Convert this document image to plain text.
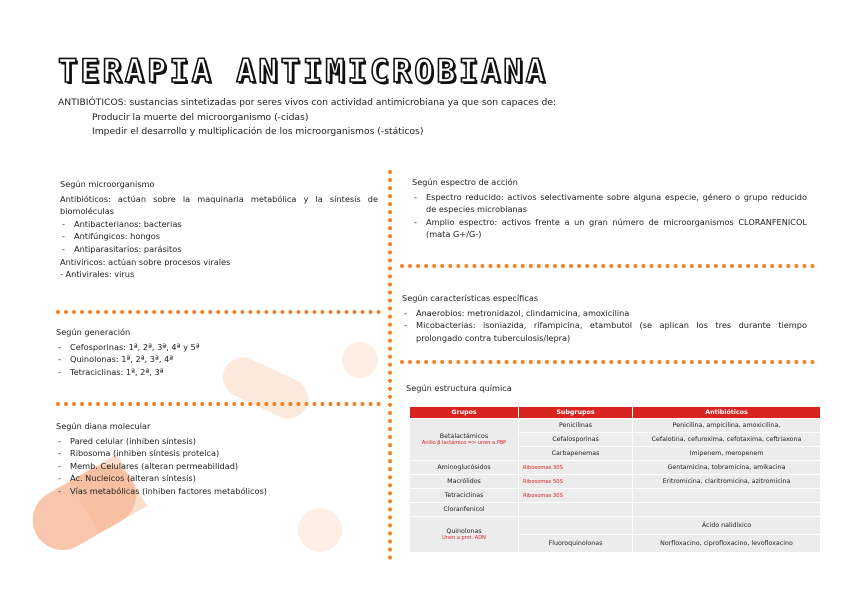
TERAPIA ANTIMICROBIANA
ANTIBIÓTICOS: sustancias sintetizadas por seres vivos con actividad antimicrobiana ya que son capaces de:
Producir la muerte del microorganismo (-cidas)
Impedir el desarrollo y multiplicación de los microorganismos (-státicos)
Según microorganismo
Antibióticos: actúan sobre la maquinaria metabólica y la síntesis de biomoléculas
- Antibacterianos: bacterias
- Antifúngicos: hongos
- Antiparasitarios: parásitos
Antivíricos: actúan sobre procesos virales
- Antivirales: virus
Según generación
- Cefosporinas: 1ª, 2ª, 3ª, 4ª y 5ª
- Quinolonas: 1ª, 2ª, 3ª, 4ª
- Tetraciclinas: 1ª, 2ª, 3ª
Según diana molecular
- Pared celular (inhiben síntesis)
- Ribosoma (inhiben síntesis proteica)
- Memb. Celulares (alteran permeabilidad)
- Ác. Nucleicos (alteran síntesis)
- Vías metabólicas (inhiben factores metabólicos)
Según espectro de acción
- Espectro reducido: activos selectivamente sobre alguna especie, género o grupo reducido de especies microbianas
- Amplio espectro: activos frente a un gran número de microorganismos CLORANFENICOL (mata G+/G-)
Según características específicas
- Anaerobios: metronidazol, clindamicina, amoxicilina
- Micobacterias: isoniazida, rifampicina, etambutol (se aplican los tres durante tiempo prolongado contra tuberculosis/lepra)
Según estructura química
Grupos	Subgrupos	Antibióticos
Betalactámicos
Anillo β lactámico => unen a PBP	Penicilinas	Penicilina, ampicilina, amoxicilina,
	Cefalosporinas	Cefalotina, cefuroxima, cefotaxima, ceftriaxona
	Carbapenemas	Imipenem, meropenem
Aminoglucósidos	Ribosomas 30S	Gentamicina, tobramicina, amikacina
Macrólidos	Ribosomas 50S	Eritromicina, claritromicina, azitromicina
Tetraciclinas	Ribosomas 30S	
Cloranfenicol		
Quinolonas
Unen a prot. ADN		Ácido nalidíxico
	Fluoroquinolonas	Norfloxacino, ciprofloxacino, levofloxacino
